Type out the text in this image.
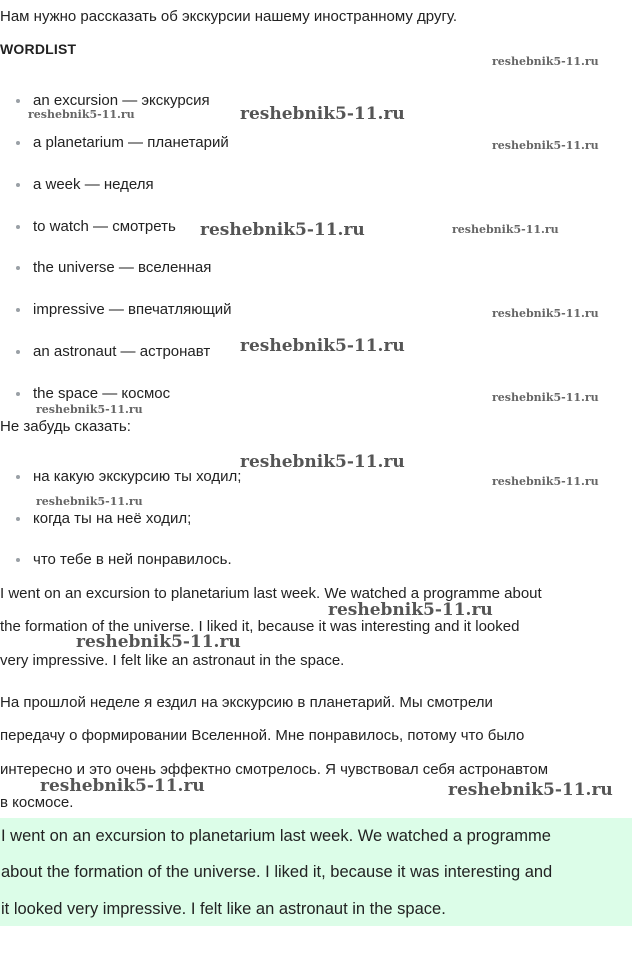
Нам нужно рассказать об экскурсии нашему иностранному другу.
WORDLIST
an excursion — экскурсия
a planetarium — планетарий
a week — неделя
to watch — смотреть
the universe — вселенная
impressive — впечатляющий
an astronaut — астронавт
the space — космос
Не забудь сказать:
на какую экскурсию ты ходил;
когда ты на неё ходил;
что тебе в ней понравилось.
I went on an excursion to planetarium last week. We watched a programme about
the formation of the universe. I liked it, because it was interesting and it looked
very impressive. I felt like an astronaut in the space.
На прошлой неделе я ездил на экскурсию в планетарий. Мы смотрели
передачу о формировании Вселенной. Мне понравилось, потому что было
интересно и это очень эффектно смотрелось. Я чувствовал себя астронавтом
в космосе.

I went on an excursion to planetarium last week. We watched a programme

about the formation of the universe. I liked it, because it was interesting and

it looked very impressive. I felt like an astronaut in the space.

reshebnik5-11.ru
reshebnik5-11.ru	reshebnik5-11.ru
reshebnik5-11.ru
reshebnik5-11.ru	reshebnik5-11.ru
reshebnik5-11.ru
reshebnik5-11.ru
reshebnik5-11.ru
reshebnik5-11.ru
reshebnik5-11.ru
reshebnik5-11.ru
reshebnik5-11.ru
reshebnik5-11.ru
reshebnik5-11.ru
reshebnik5-11.ru	reshebnik5-11.ru
